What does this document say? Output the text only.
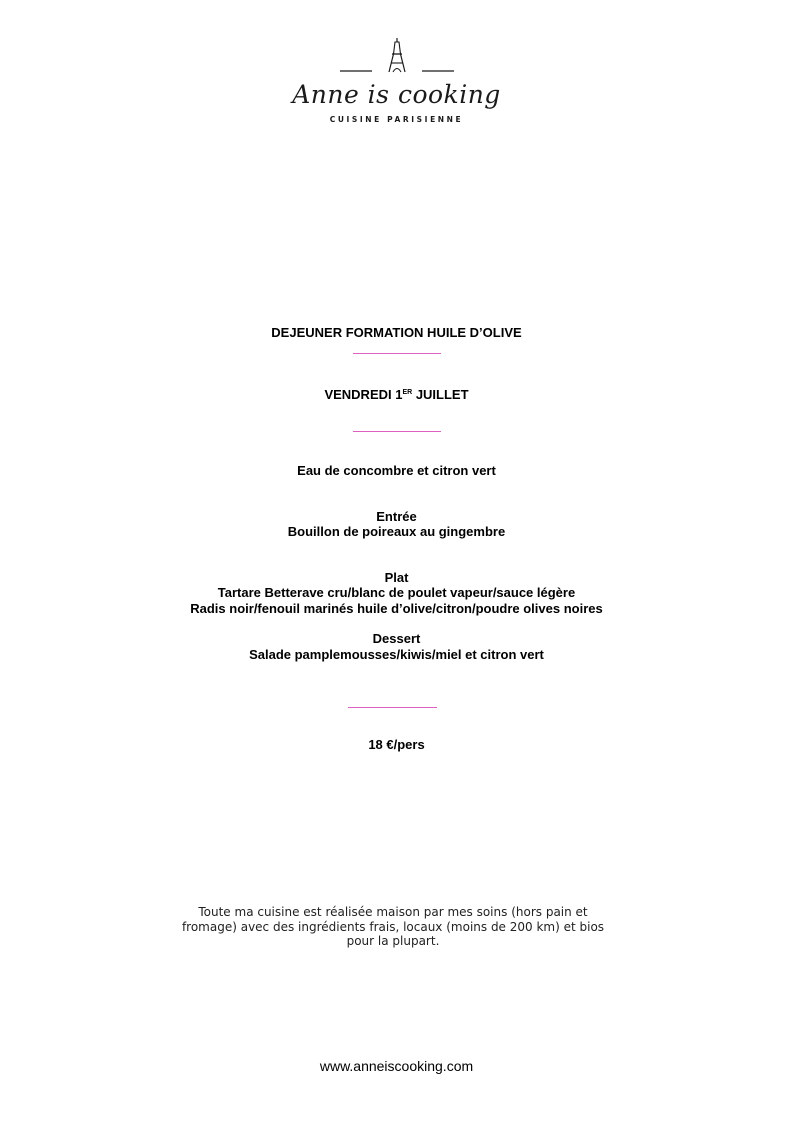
Anne is cooking
CUISINE PARISIENNE
DEJEUNER FORMATION HUILE D’OLIVE
VENDREDI 1ER JUILLET
Eau de concombre et citron vert
Entrée
Bouillon de poireaux au gingembre
Plat
Tartare Betterave cru/blanc de poulet vapeur/sauce légère
Radis noir/fenouil marinés huile d’olive/citron/poudre olives noires
Dessert
Salade pamplemousses/kiwis/miel et citron vert
18 €/pers
Toute ma cuisine est réalisée maison par mes soins (hors pain et fromage) avec des ingrédients frais, locaux (moins de 200 km) et bios pour la plupart.
www.anneiscooking.com
